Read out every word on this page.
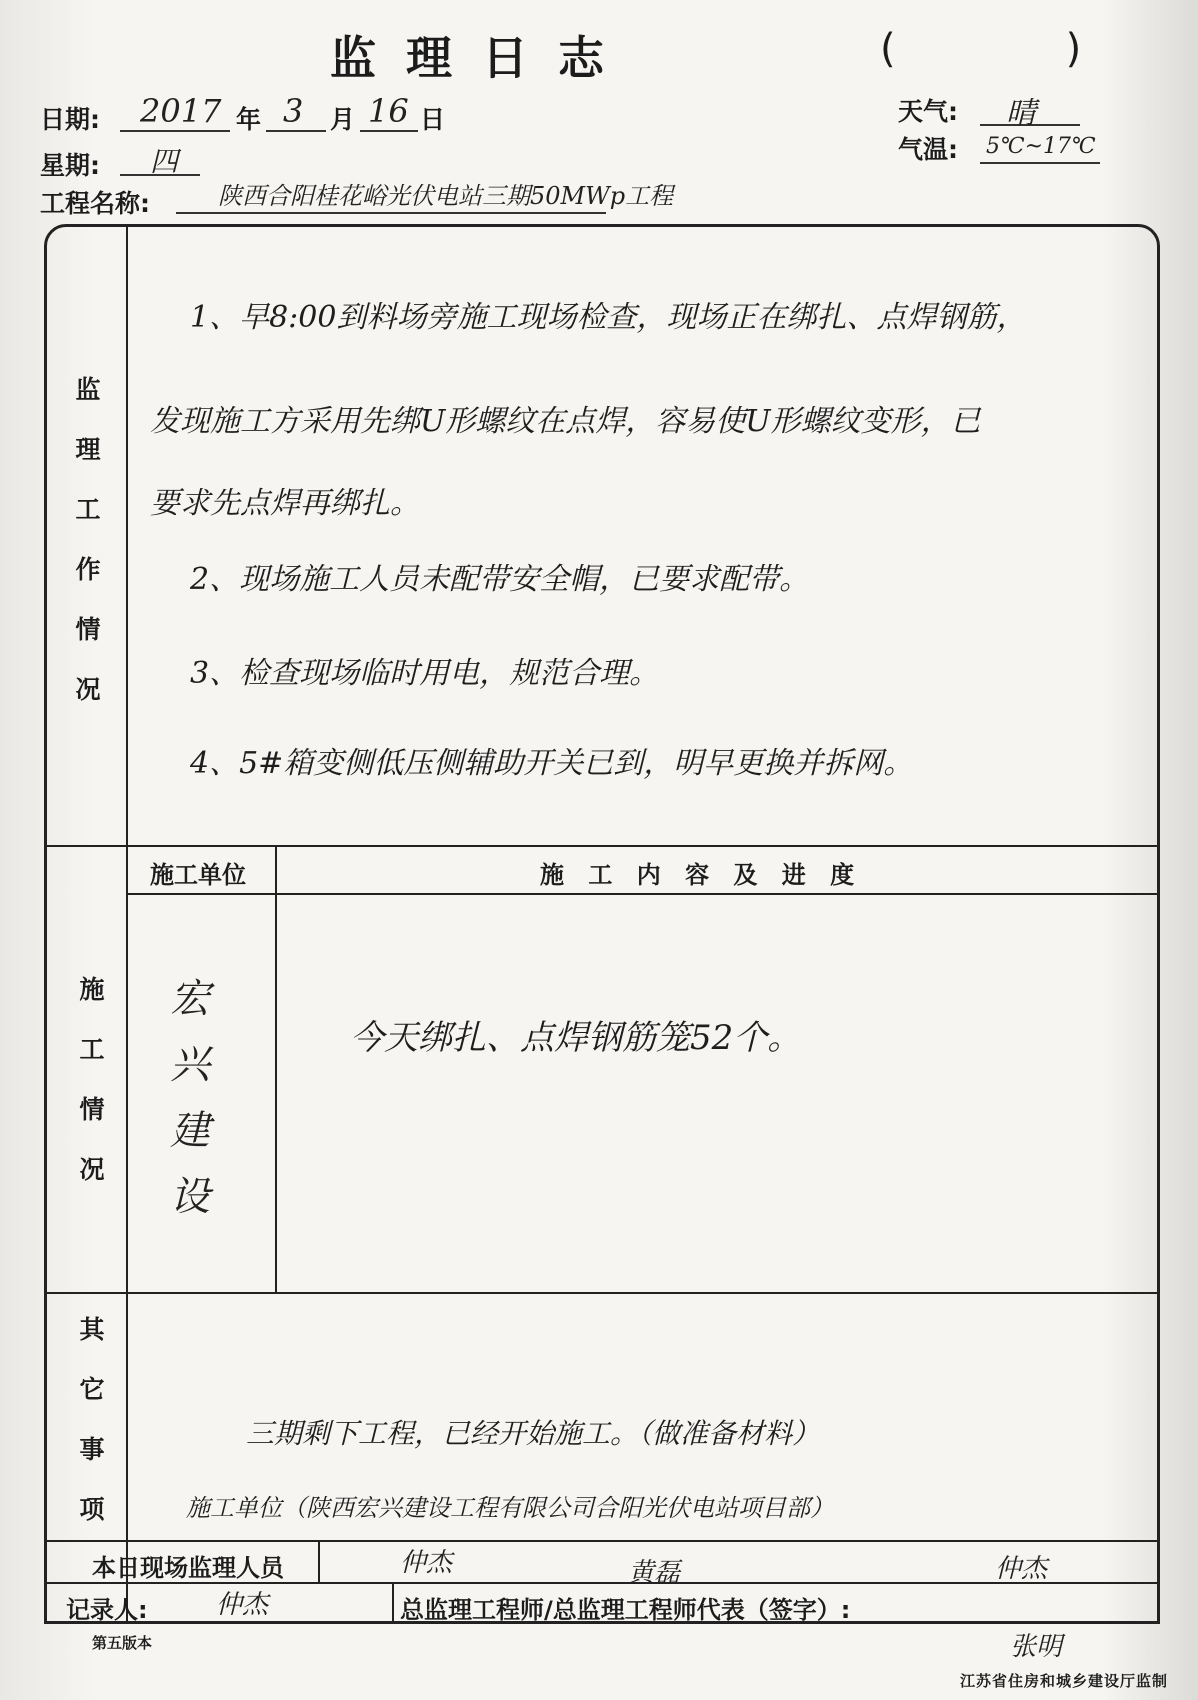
监理日志	(	)
日期: 2017 年 3 月 16 日	天气: 晴
气温: 5℃~17℃
星期: 四
工程名称:	陕西合阳桂花峪光伏电站三期50MWp工程
监
理
工
作
情
况
1、早8:00到料场旁施工现场检查，现场正在绑扎、点焊钢筋，
发现施工方采用先绑U形螺纹在点焊，容易使U形螺纹变形，已
要求先点焊再绑扎。
2、现场施工人员未配带安全帽，已要求配带。
3、检查现场临时用电，规范合理。
4、5#箱变侧低压侧辅助开关已到，明早更换并拆网。
施
工
情
况
施工单位	施 工 内 容 及 进 度
宏
兴
建
设
今天绑扎、点焊钢筋笼52个。
其
它
事
项
三期剩下工程，已经开始施工。（做准备材料）
施工单位（陕西宏兴建设工程有限公司合阳光伏电站项目部）
本日现场监理人员	仲杰	黄磊
记录人:	仲杰	总监理工程师/总监理工程师代表（签字）:
仲杰
张明
第五版本
江苏省住房和城乡建设厅监制
